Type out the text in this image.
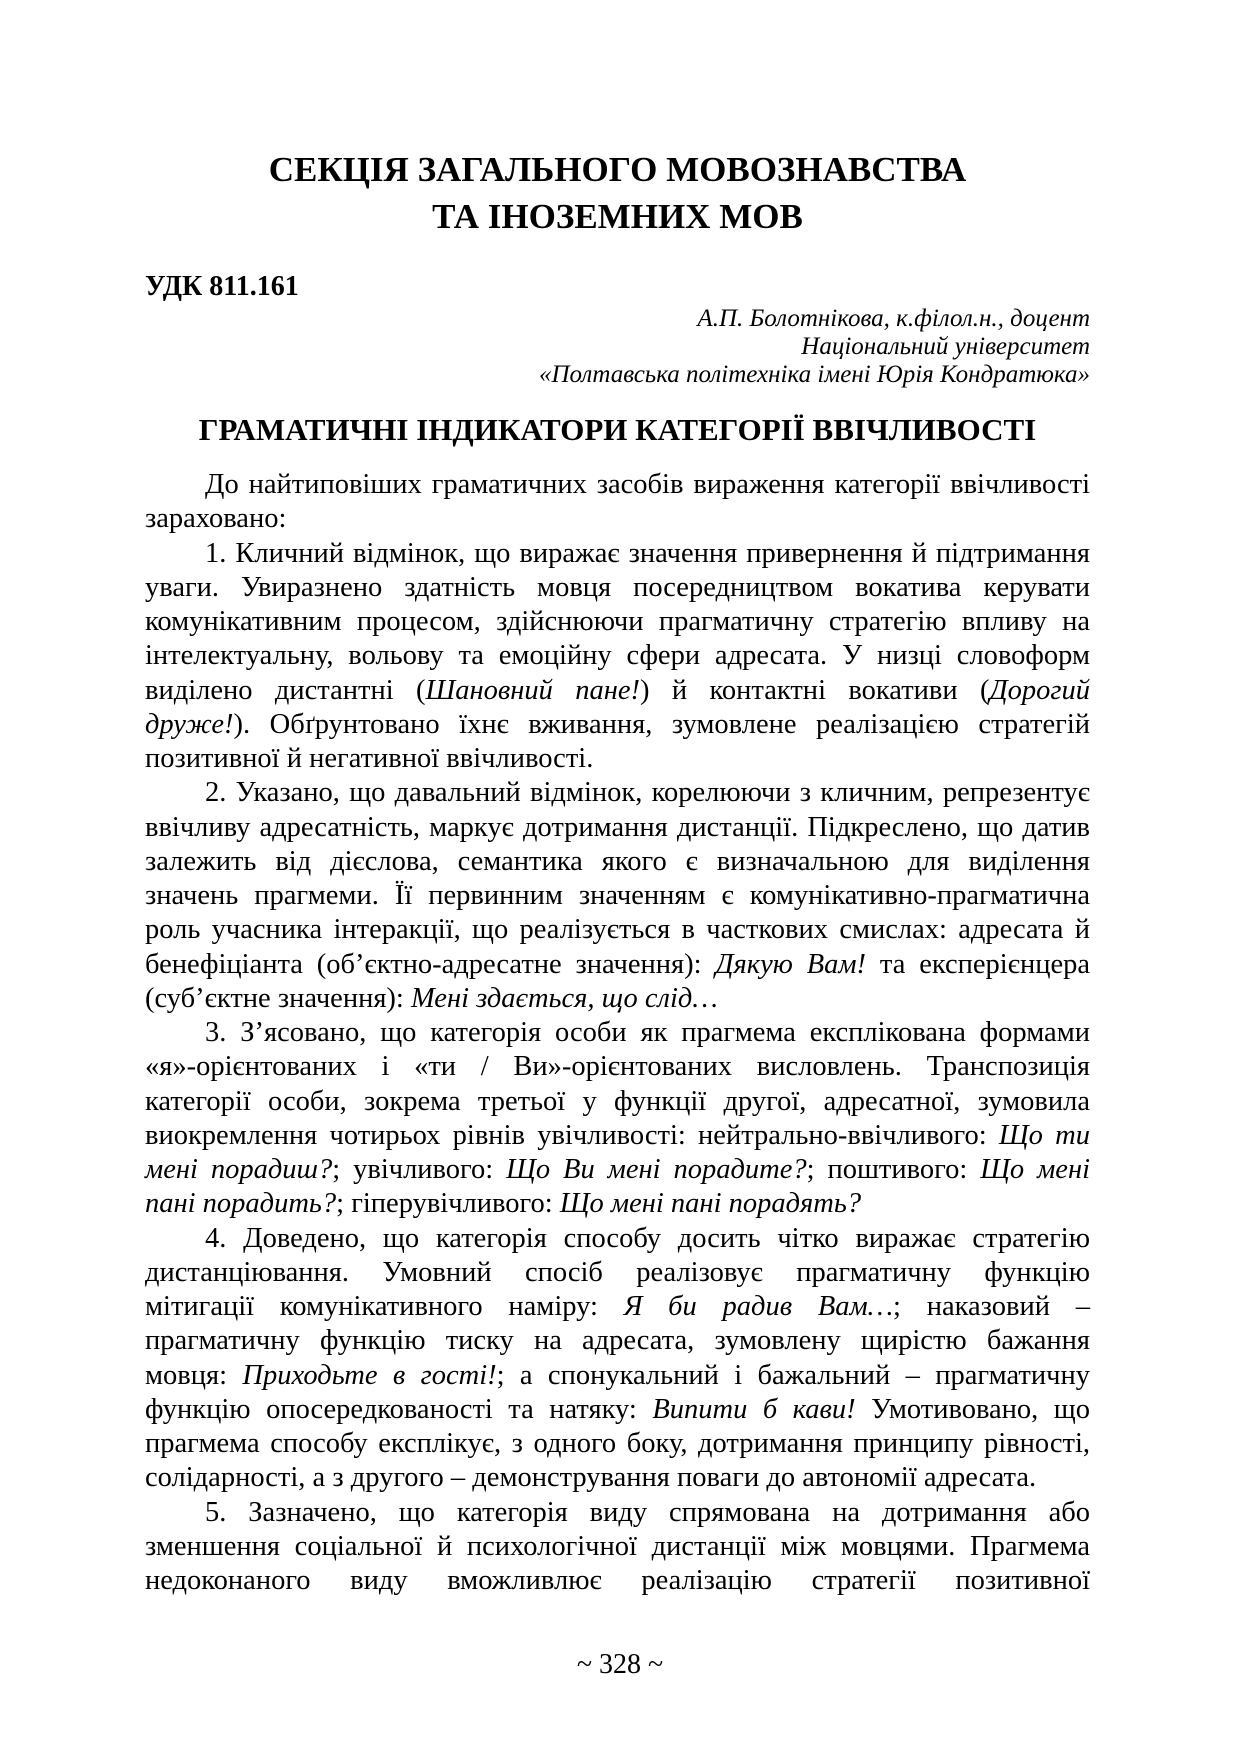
СЕКЦІЯ ЗАГАЛЬНОГО МОВОЗНАВСТВА
ТА ІНОЗЕМНИХ МОВ
УДК 811.161
А.П. Болотнікова, к.філол.н., доцент
Національний університет
«Полтавська політехніка імені Юрія Кондратюка»
ГРАМАТИЧНІ ІНДИКАТОРИ КАТЕГОРІЇ ВВІЧЛИВОСТІ
До найтиповіших граматичних засобів вираження категорії ввічливості
зараховано:
1. Кличний відмінок, що виражає значення привернення й підтримання
уваги. Увиразнено здатність мовця посередництвом вокатива керувати
комунікативним процесом, здійснюючи прагматичну стратегію впливу на
інтелектуальну, вольову та емоційну сфери адресата. У низці словоформ
виділено дистантні (Шановний пане!) й контактні вокативи (Дорогий
друже!). Обґрунтовано їхнє вживання, зумовлене реалізацією стратегій
позитивної й негативної ввічливості.
2. Указано, що давальний відмінок, корелюючи з кличним, репрезентує
ввічливу адресатність, маркує дотримання дистанції. Підкреслено, що датив
залежить від дієслова, семантика якого є визначальною для виділення
значень прагмеми. Її первинним значенням є комунікативно-прагматична
роль учасника інтеракції, що реалізується в часткових смислах: адресата й
бенефіціанта (об’єктно-адресатне значення): Дякую Вам! та експерієнцера
(суб’єктне значення): Мені здається, що слід…
3. З’ясовано, що категорія особи як прагмема експлікована формами
«я»-орієнтованих і «ти / Ви»-орієнтованих висловлень. Транспозиція
категорії особи, зокрема третьої у функції другої, адресатної, зумовила
виокремлення чотирьох рівнів увічливості: нейтрально-ввічливого: Що ти
мені порадиш?; увічливого: Що Ви мені порадите?; поштивого: Що мені
пані порадить?; гіперувічливого: Що мені пані порадять?
4. Доведено, що категорія способу досить чітко виражає стратегію
дистанціювання. Умовний спосіб реалізовує прагматичну функцію
мітигації комунікативного наміру: Я би радив Вам…; наказовий –
прагматичну функцію тиску на адресата, зумовлену щирістю бажання
мовця: Приходьте в гості!; а спонукальний і бажальний – прагматичну
функцію опосередкованості та натяку: Випити б кави! Умотивовано, що
прагмема способу експлікує, з одного боку, дотримання принципу рівності,
солідарності, а з другого – демонстрування поваги до автономії адресата.
5. Зазначено, що категорія виду спрямована на дотримання або
зменшення соціальної й психологічної дистанції між мовцями. Прагмема
недоконаного виду вможливлює реалізацію стратегії позитивної
~ 328 ~
